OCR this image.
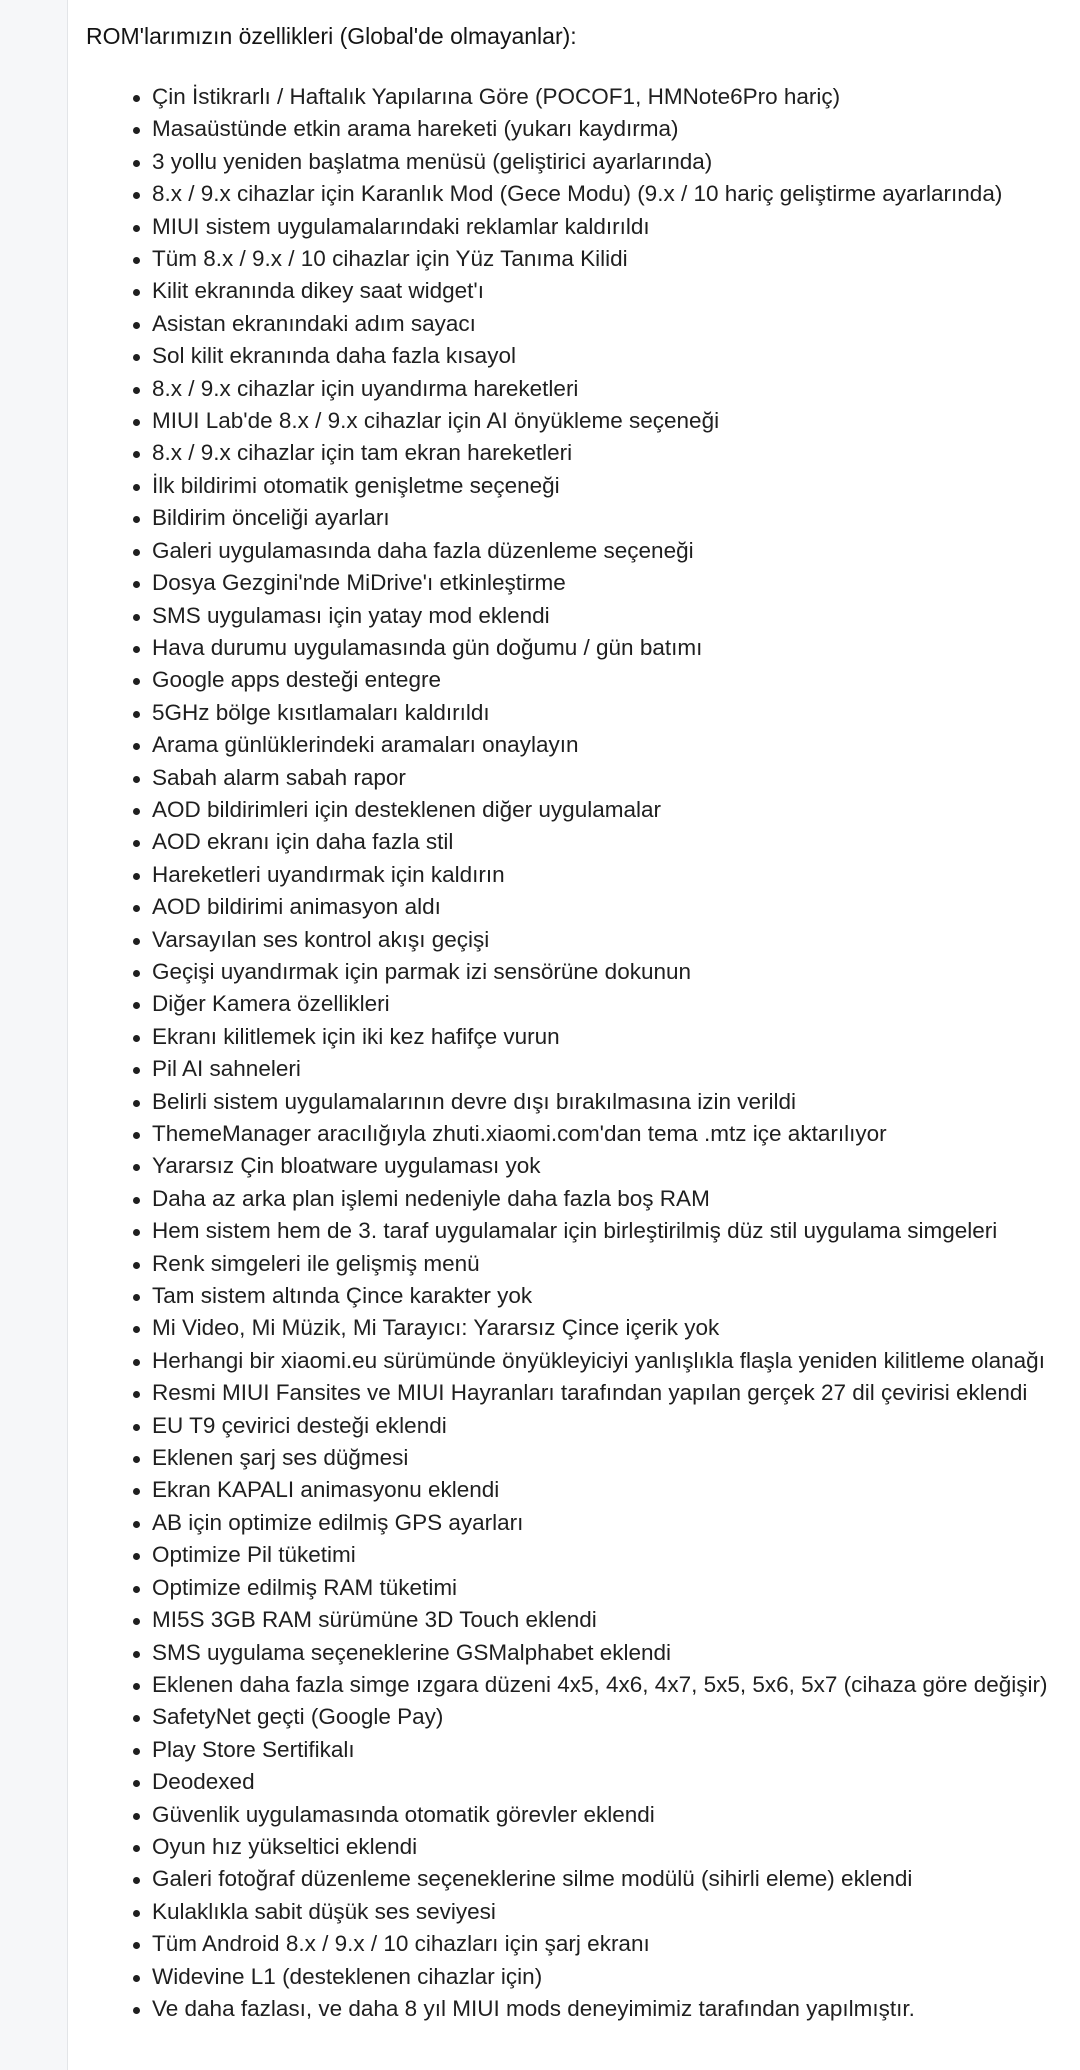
ROM'larımızın özellikleri (Global'de olmayanlar):
Çin İstikrarlı / Haftalık Yapılarına Göre (POCOF1, HMNote6Pro hariç)
Masaüstünde etkin arama hareketi (yukarı kaydırma)
3 yollu yeniden başlatma menüsü (geliştirici ayarlarında)
8.x / 9.x cihazlar için Karanlık Mod (Gece Modu) (9.x / 10 hariç geliştirme ayarlarında)
MIUI sistem uygulamalarındaki reklamlar kaldırıldı
Tüm 8.x / 9.x / 10 cihazlar için Yüz Tanıma Kilidi
Kilit ekranında dikey saat widget'ı
Asistan ekranındaki adım sayacı
Sol kilit ekranında daha fazla kısayol
8.x / 9.x cihazlar için uyandırma hareketleri
MIUI Lab'de 8.x / 9.x cihazlar için AI önyükleme seçeneği
8.x / 9.x cihazlar için tam ekran hareketleri
İlk bildirimi otomatik genişletme seçeneği
Bildirim önceliği ayarları
Galeri uygulamasında daha fazla düzenleme seçeneği
Dosya Gezgini'nde MiDrive'ı etkinleştirme
SMS uygulaması için yatay mod eklendi
Hava durumu uygulamasında gün doğumu / gün batımı
Google apps desteği entegre
5GHz bölge kısıtlamaları kaldırıldı
Arama günlüklerindeki aramaları onaylayın
Sabah alarm sabah rapor
AOD bildirimleri için desteklenen diğer uygulamalar
AOD ekranı için daha fazla stil
Hareketleri uyandırmak için kaldırın
AOD bildirimi animasyon aldı
Varsayılan ses kontrol akışı geçişi
Geçişi uyandırmak için parmak izi sensörüne dokunun
Diğer Kamera özellikleri
Ekranı kilitlemek için iki kez hafifçe vurun
Pil AI sahneleri
Belirli sistem uygulamalarının devre dışı bırakılmasına izin verildi
ThemeManager aracılığıyla zhuti.xiaomi.com'dan tema .mtz içe aktarılıyor
Yararsız Çin bloatware uygulaması yok
Daha az arka plan işlemi nedeniyle daha fazla boş RAM
Hem sistem hem de 3. taraf uygulamalar için birleştirilmiş düz stil uygulama simgeleri
Renk simgeleri ile gelişmiş menü
Tam sistem altında Çince karakter yok
Mi Video, Mi Müzik, Mi Tarayıcı: Yararsız Çince içerik yok
Herhangi bir xiaomi.eu sürümünde önyükleyiciyi yanlışlıkla flaşla yeniden kilitleme olanağı
Resmi MIUI Fansites ve MIUI Hayranları tarafından yapılan gerçek 27 dil çevirisi eklendi
EU T9 çevirici desteği eklendi
Eklenen şarj ses düğmesi
Ekran KAPALI animasyonu eklendi
AB için optimize edilmiş GPS ayarları
Optimize Pil tüketimi
Optimize edilmiş RAM tüketimi
MI5S 3GB RAM sürümüne 3D Touch eklendi
SMS uygulama seçeneklerine GSMalphabet eklendi
Eklenen daha fazla simge ızgara düzeni 4x5, 4x6, 4x7, 5x5, 5x6, 5x7 (cihaza göre değişir)
SafetyNet geçti (Google Pay)
Play Store Sertifikalı
Deodexed
Güvenlik uygulamasında otomatik görevler eklendi
Oyun hız yükseltici eklendi
Galeri fotoğraf düzenleme seçeneklerine silme modülü (sihirli eleme) eklendi
Kulaklıkla sabit düşük ses seviyesi
Tüm Android 8.x / 9.x / 10 cihazları için şarj ekranı
Widevine L1 (desteklenen cihazlar için)
Ve daha fazlası, ve daha 8 yıl MIUI mods deneyimimiz tarafından yapılmıştır.
